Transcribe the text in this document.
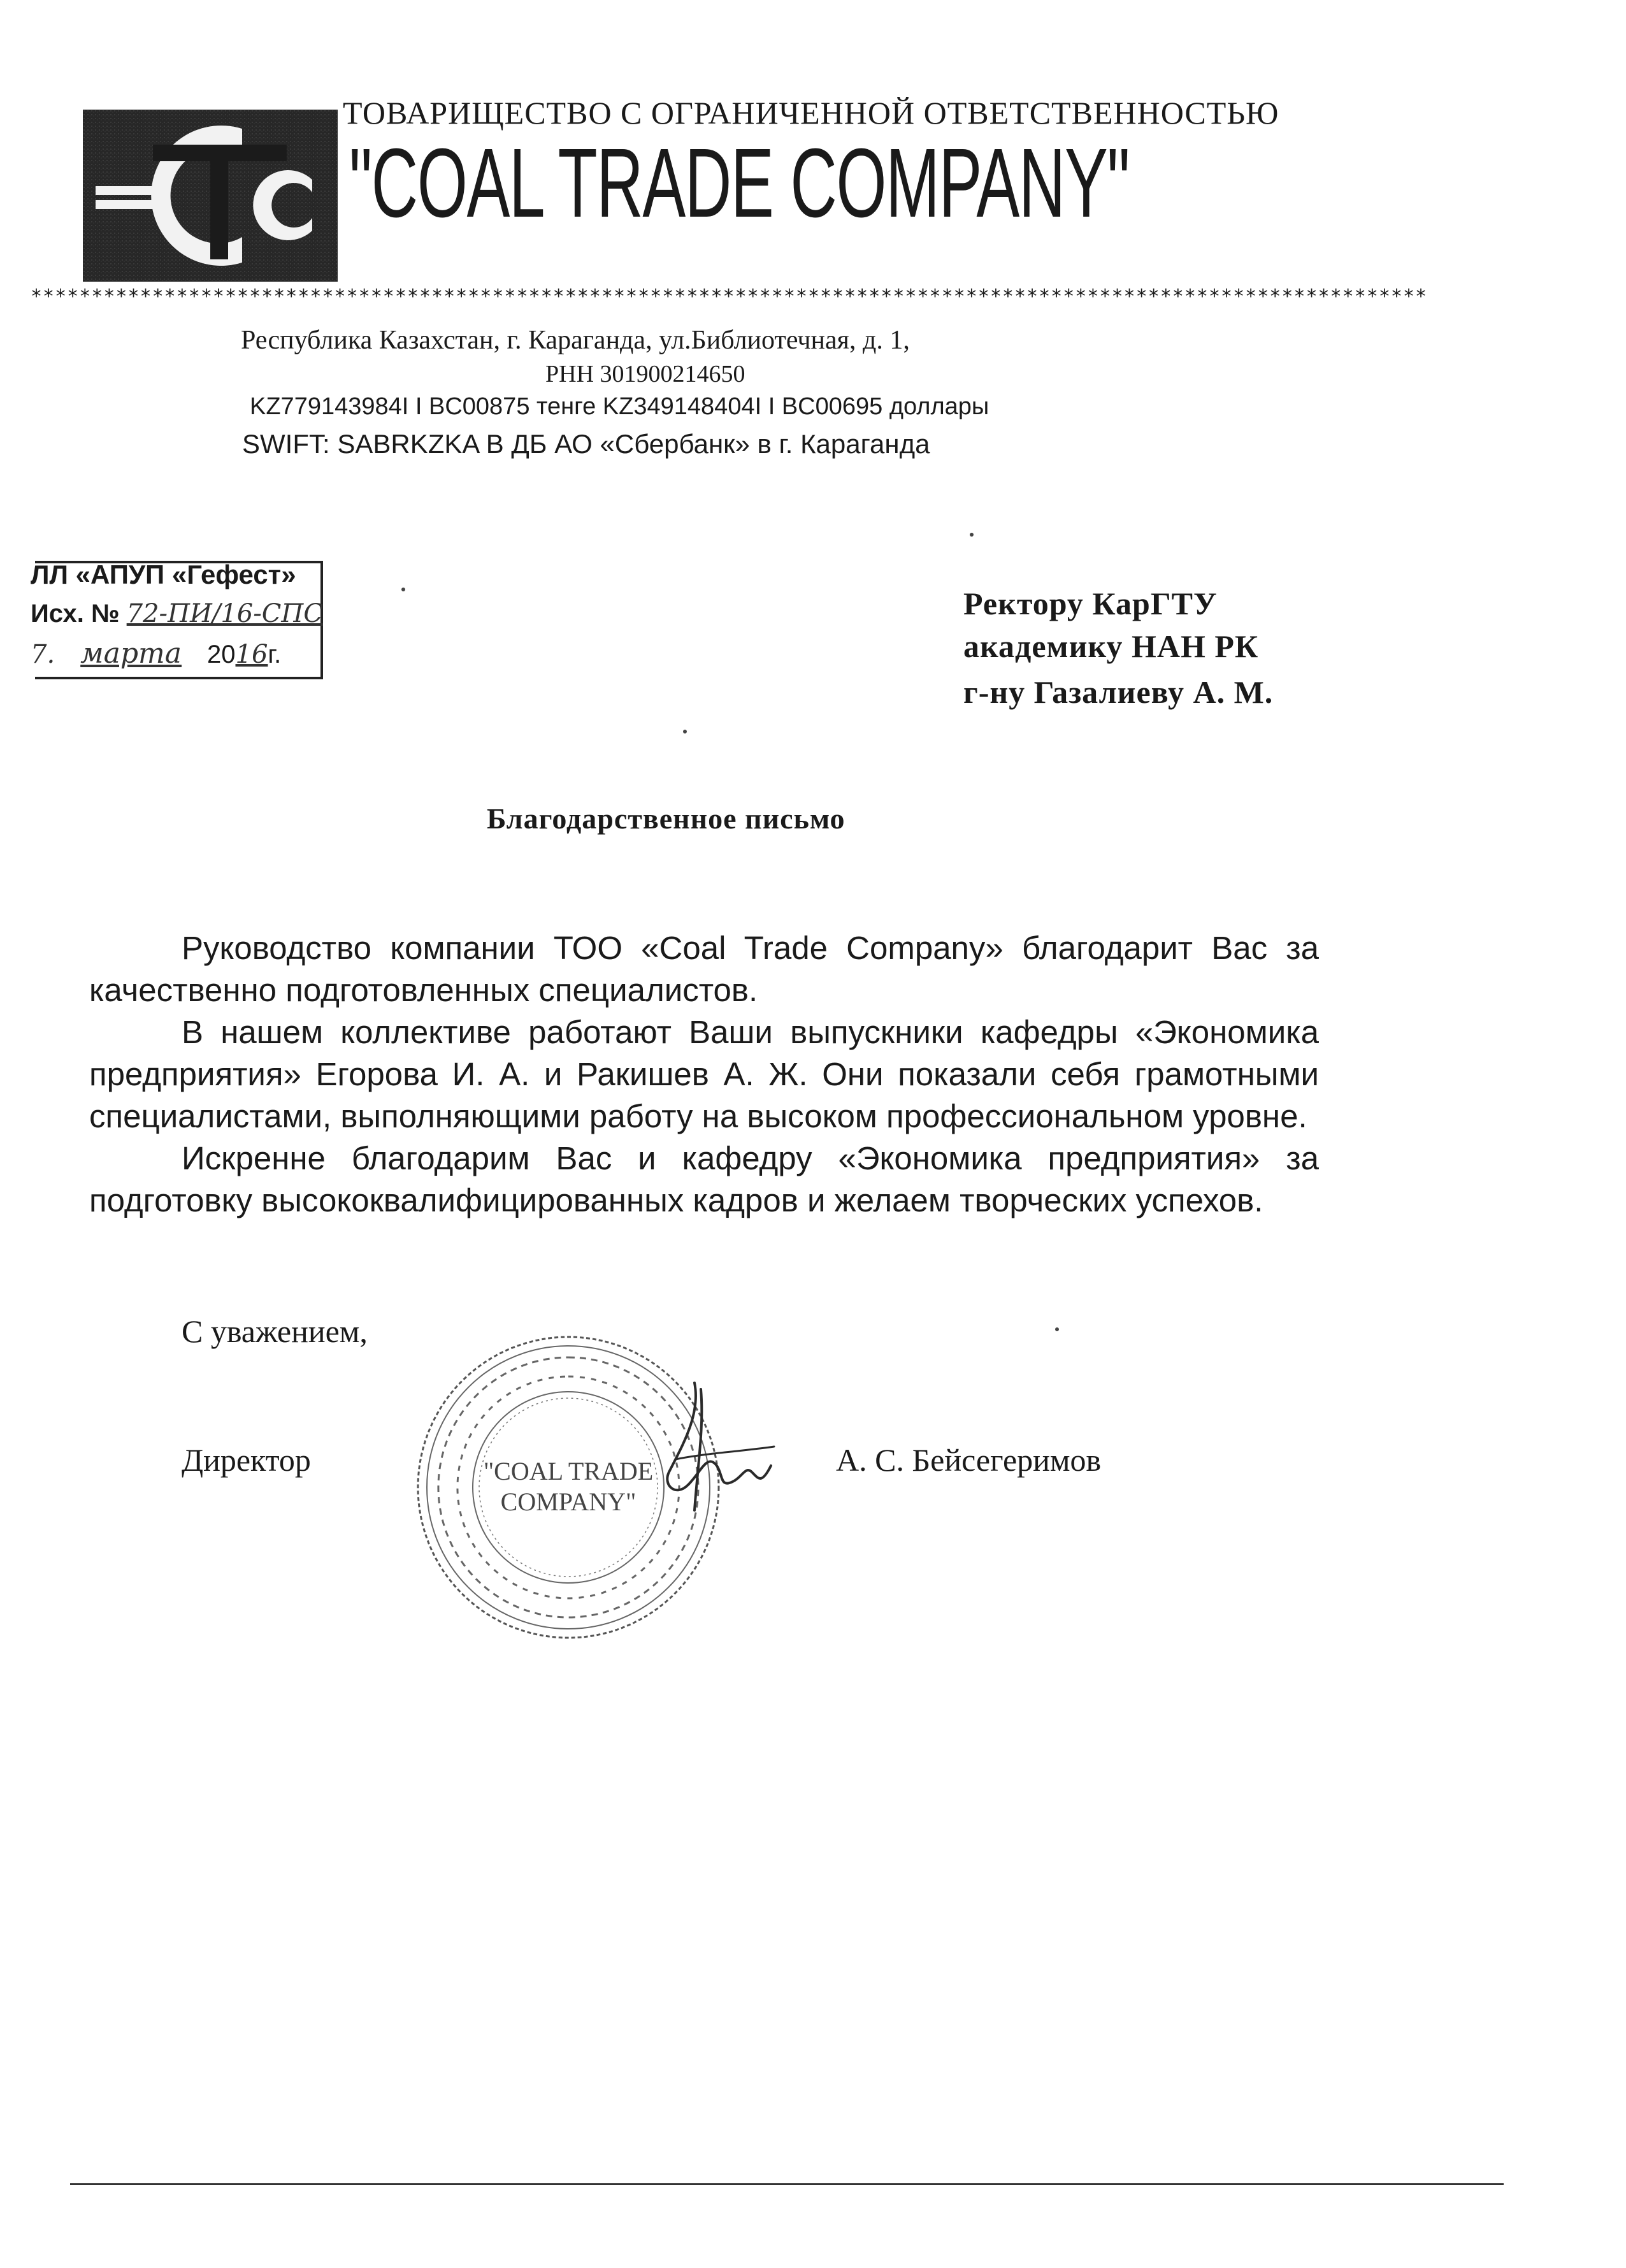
ТОВАРИЩЕСТВО С ОГРАНИЧЕННОЙ ОТВЕТСТВЕННОСТЬЮ
"COAL TRADE COMPANY"
*******************************************************************************************************************
Республика Казахстан, г. Караганда, ул.Библиотечная, д. 1,
РНН 301900214650
KZ779143984I I BC00875 тенге KZ349148404I I BC00695 доллары
SWIFT: SABRKZKA В ДБ АО «Сбербанк» в г. Караганда
ЛЛ «АПУП «Гефест»
Исх. № 72-ПИ/16-СПС
7. марта 2016г.
Ректору КарГТУ
академику НАН РК
г-ну Газалиеву А. М.
Благодарственное письмо

Руководство компании ТОО «Coal Trade Company» благодарит Вас за качественно подготовленных специалистов.

В нашем коллективе работают Ваши выпускники кафедры «Экономика предприятия» Егорова И. А. и Ракишев А. Ж. Они показали себя грамотными специалистами, выполняющими работу на высоком профессиональном уровне.

Искренне благодарим Вас и кафедру «Экономика предприятия» за подготовку высококвалифицированных кадров и желаем творческих успехов.

С уважением,
Директор	А. С. Бейсегеримов
"COAL TRADE
COMPANY"
